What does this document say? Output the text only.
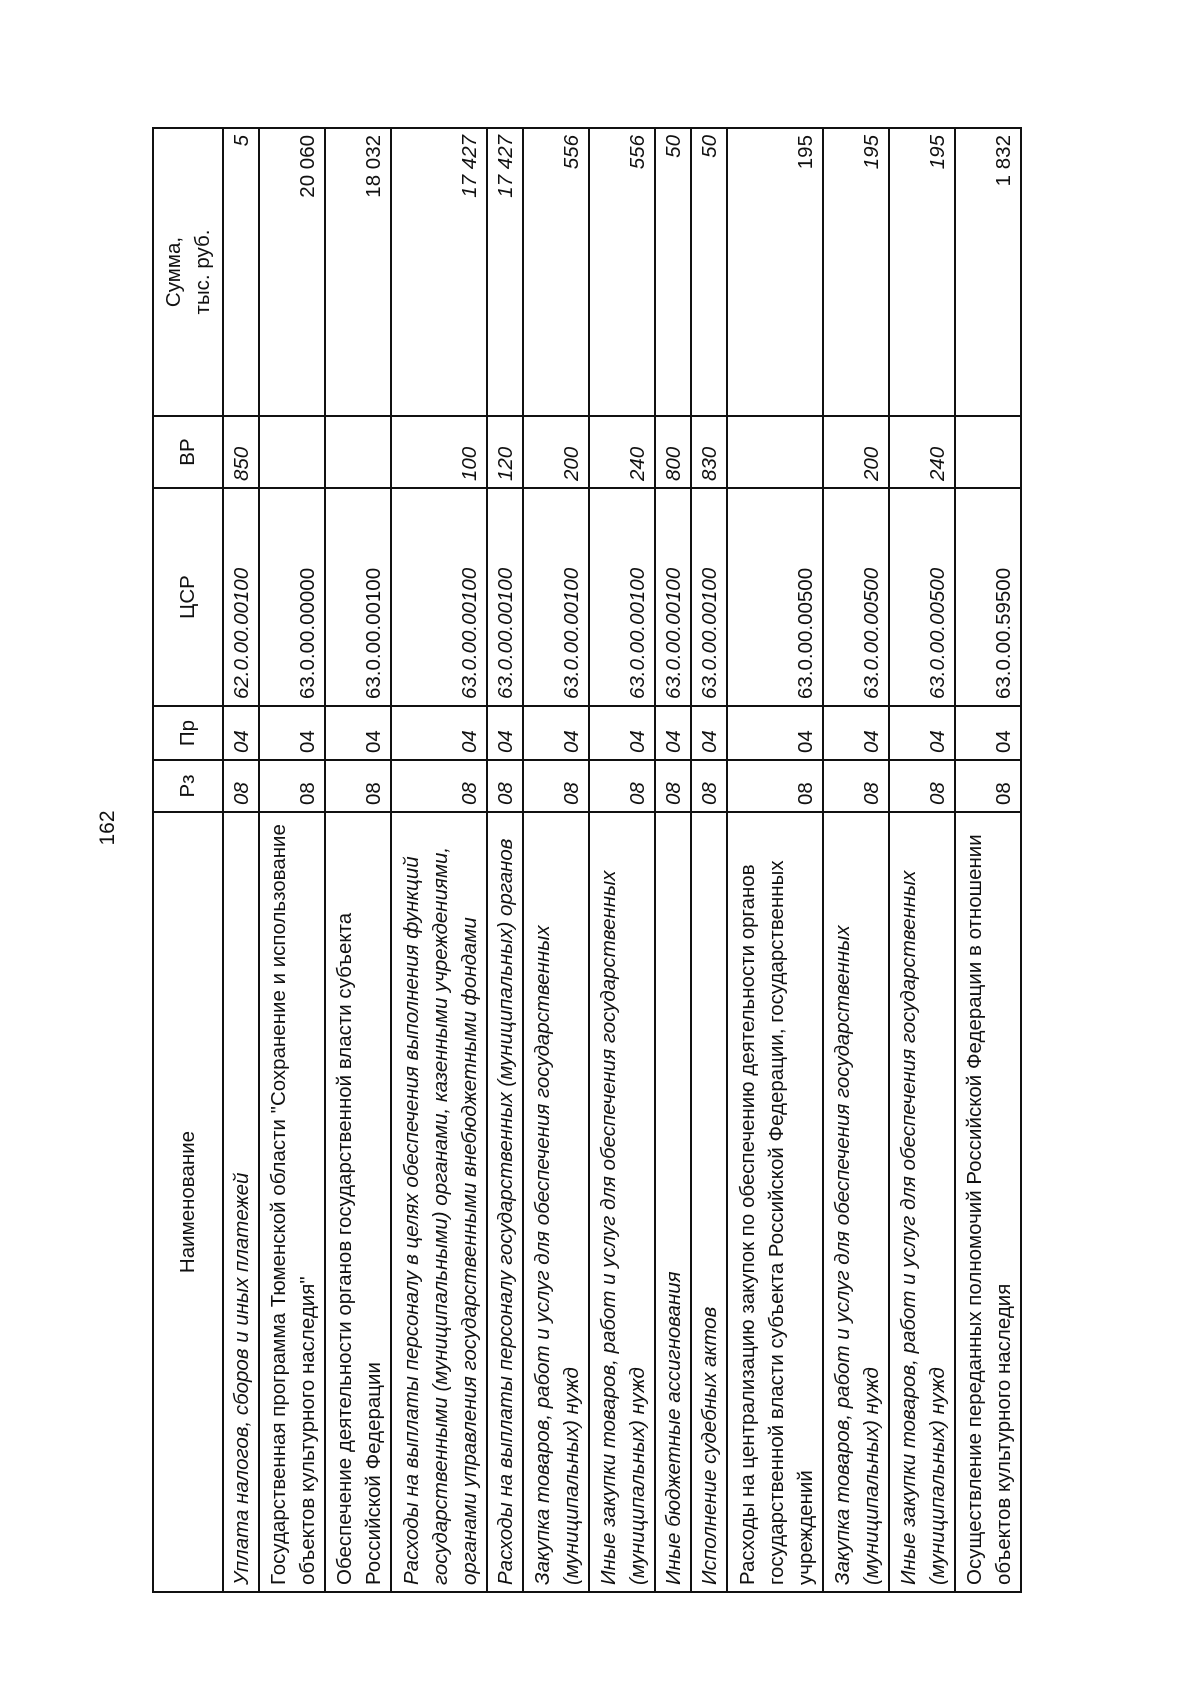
162
Наименование	Рз	Пр	ЦСР	ВР	Сумма, тыс. руб.
Уплата налогов, сборов и иных платежей	08	04	62.0.00.00100	850	5
Государственная программа Тюменской области "Сохранение и использование объектов культурного наследия"	08	04	63.0.00.00000		20 060
Обеспечение деятельности органов государственной власти субъекта Российской Федерации	08	04	63.0.00.00100		18 032
Расходы на выплаты персоналу в целях обеспечения выполнения функций государственными (муниципальными) органами, казенными учреждениями, органами управления государственными внебюджетными фондами	08	04	63.0.00.00100	100	17 427
Расходы на выплаты персоналу государственных (муниципальных) органов	08	04	63.0.00.00100	120	17 427
Закупка товаров, работ и услуг для обеспечения государственных (муниципальных) нужд	08	04	63.0.00.00100	200	556
Иные закупки товаров, работ и услуг для обеспечения государственных (муниципальных) нужд	08	04	63.0.00.00100	240	556
Иные бюджетные ассигнования	08	04	63.0.00.00100	800	50
Исполнение судебных актов	08	04	63.0.00.00100	830	50
Расходы на централизацию закупок по обеспечению деятельности органов государственной власти субъекта Российской Федерации, государственных учреждений	08	04	63.0.00.00500		195
Закупка товаров, работ и услуг для обеспечения государственных (муниципальных) нужд	08	04	63.0.00.00500	200	195
Иные закупки товаров, работ и услуг для обеспечения государственных (муниципальных) нужд	08	04	63.0.00.00500	240	195
Осуществление переданных полномочий Российской Федерации в отношении объектов культурного наследия	08	04	63.0.00.59500		1 832
